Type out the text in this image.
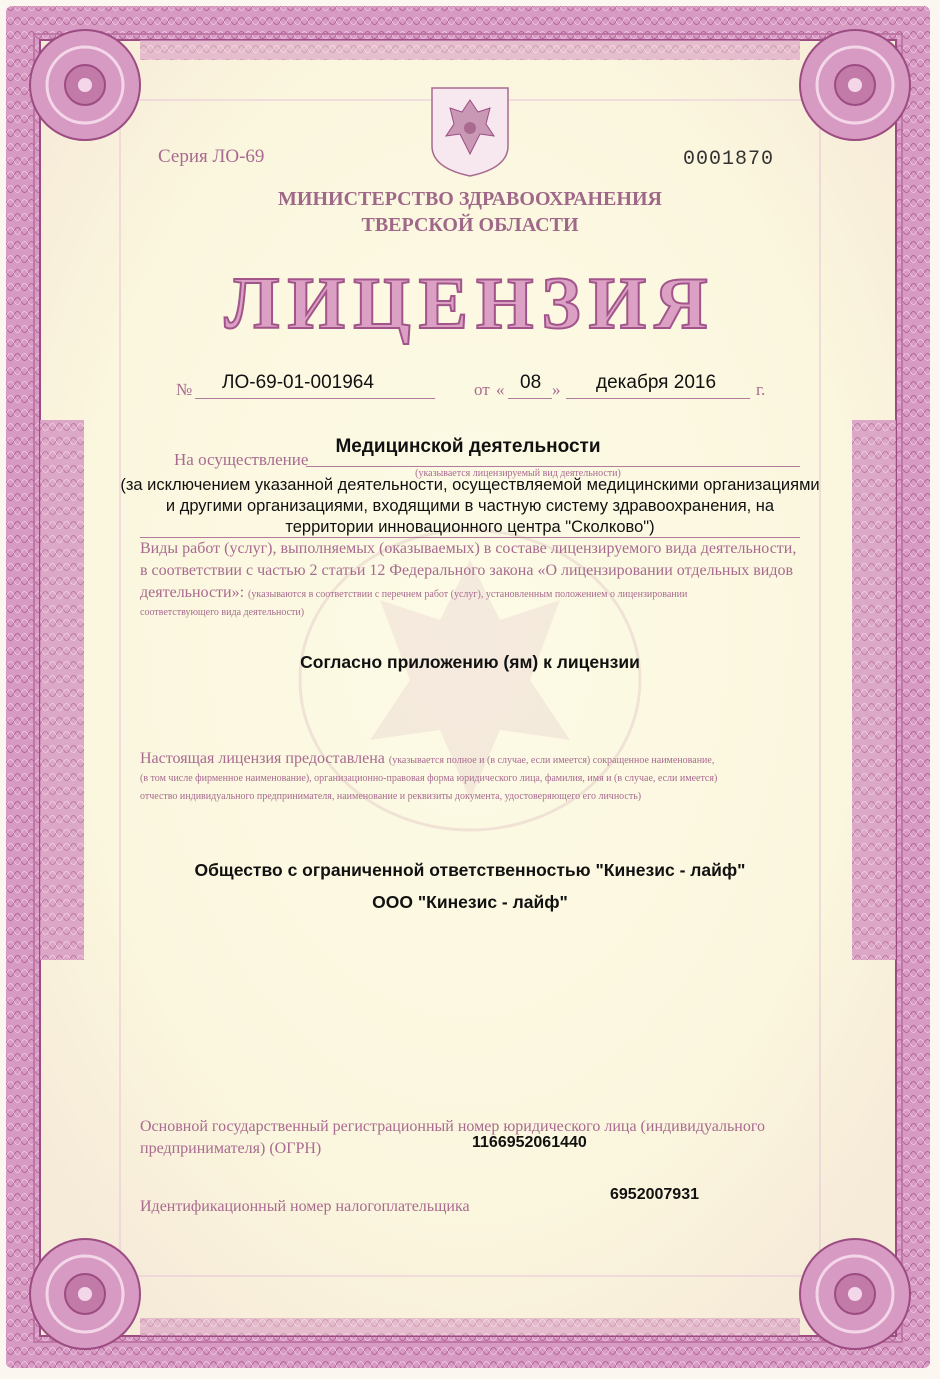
Серия ЛО-69	0001870
МИНИСТЕРСТВО ЗДРАВООХРАНЕНИЯ
ТВЕРСКОЙ ОБЛАСТИ
ЛИЦЕНЗИЯ
№ ЛО-69-01-001964	от « 08 » декабря 2016 г.
На осуществление
Медицинской деятельности
(указывается лицензируемый вид деятельности)
(за исключением указанной деятельности, осуществляемой медицинскими организациями
и другими организациями, входящими в частную систему здравоохранения, на
территории инновационного центра "Сколково")
Виды работ (услуг), выполняемых (оказываемых) в составе лицензируемого вида деятельности,
в соответствии с частью 2 статьи 12 Федерального закона «О лицензировании отдельных видов
деятельности»: (указываются в соответствии с перечнем работ (услуг), установленным положением о лицензировании
соответствующего вида деятельности)
Согласно приложению (ям) к лицензии
Настоящая лицензия предоставлена (указывается полное и (в случае, если имеется) сокращенное наименование,
(в том числе фирменное наименование), организационно-правовая форма юридического лица, фамилия, имя и (в случае, если имеется)
отчество индивидуального предпринимателя, наименование и реквизиты документа, удостоверяющего его личность)
Общество с ограниченной ответственностью "Кинезис - лайф"
ООО "Кинезис - лайф"
Основной государственный регистрационный номер юридического лица (индивидуального
предпринимателя) (ОГРН)	1166952061440
Идентификационный номер налогоплательщика
6952007931
